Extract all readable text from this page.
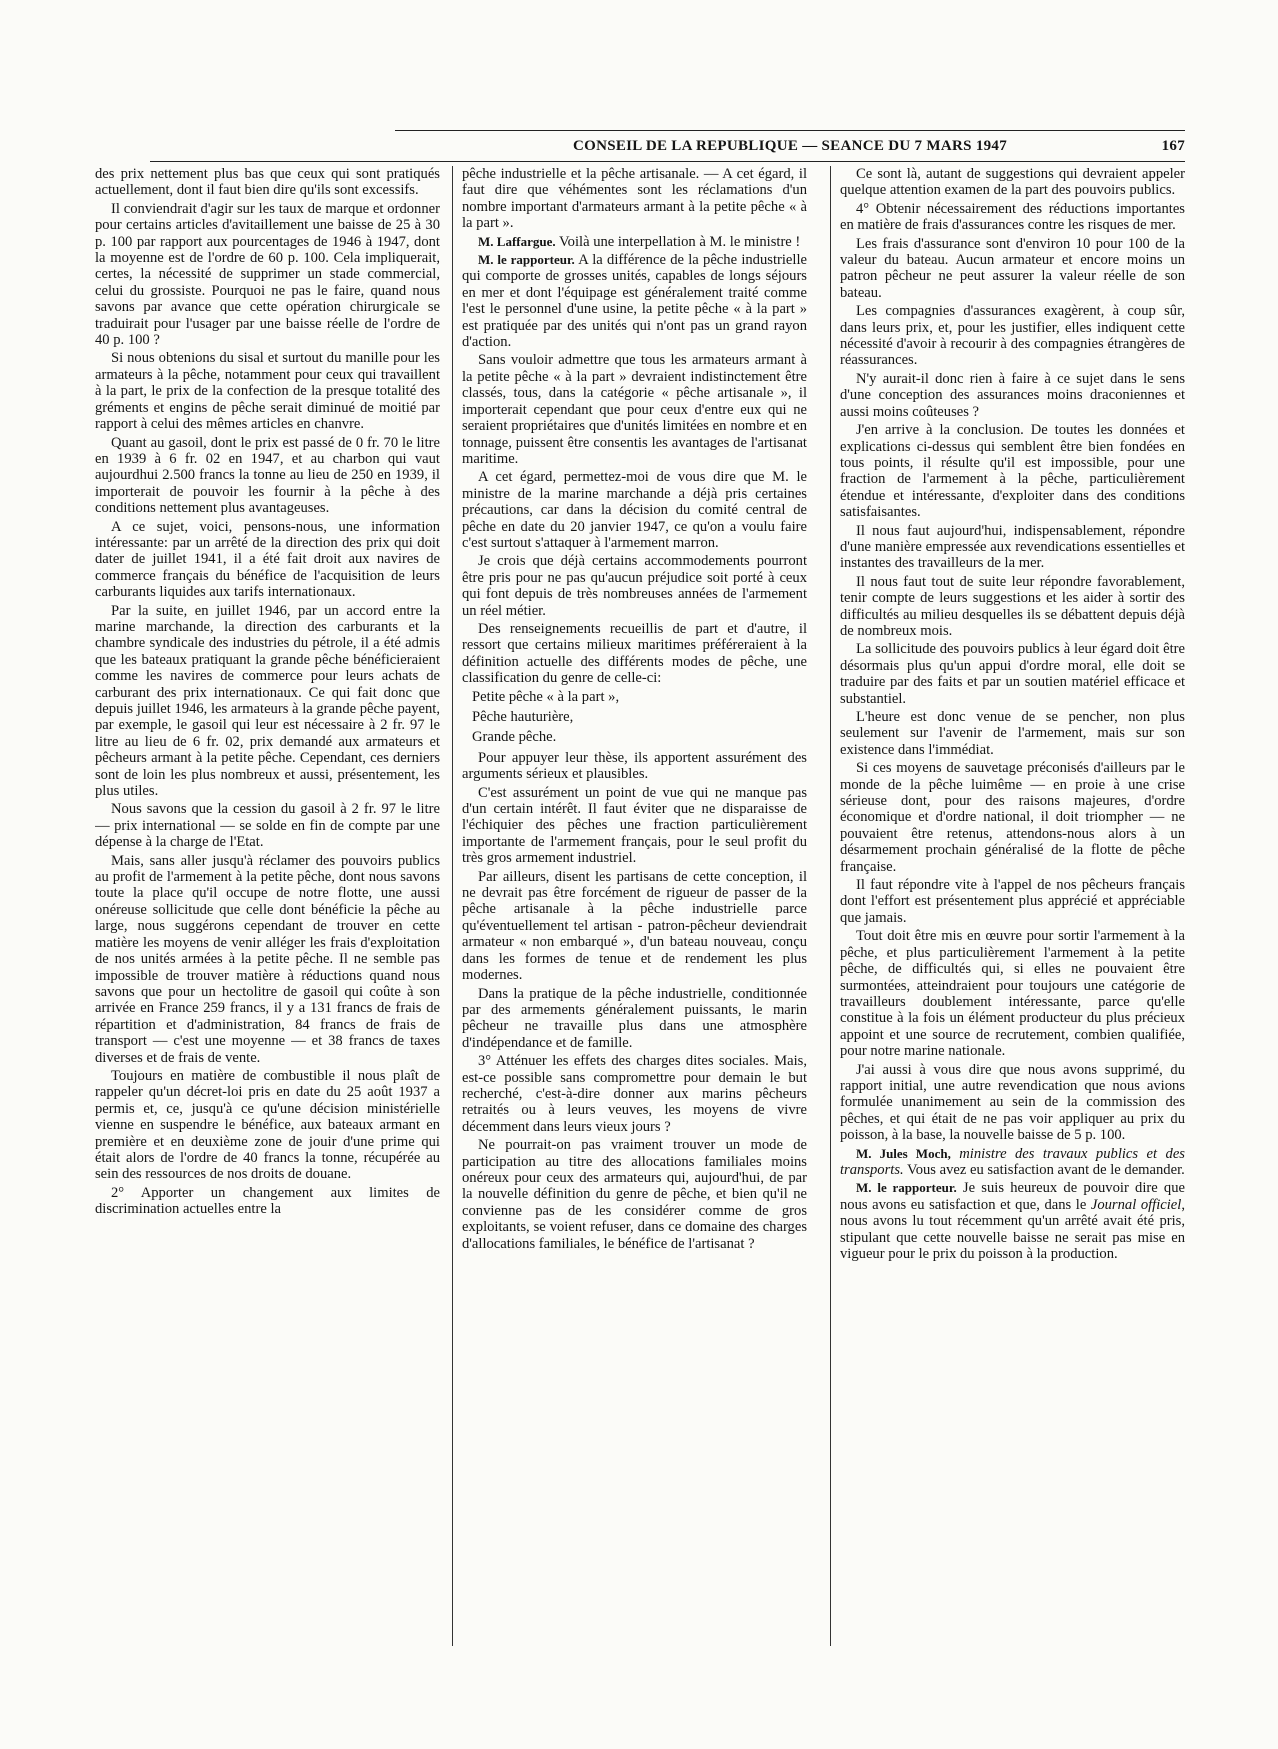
CONSEIL DE LA REPUBLIQUE — SEANCE DU 7 MARS 1947	167

des prix nettement plus bas que ceux qui sont pratiqués actuellement, dont il faut bien dire qu'ils sont excessifs.

Il conviendrait d'agir sur les taux de marque et ordonner pour certains articles d'avitaillement une baisse de 25 à 30 p. 100 par rapport aux pourcentages de 1946 à 1947, dont la moyenne est de l'ordre de 60 p. 100. Cela impliquerait, certes, la nécessité de supprimer un stade commercial, celui du grossiste. Pourquoi ne pas le faire, quand nous savons par avance que cette opération chirurgicale se traduirait pour l'usager par une baisse réelle de l'ordre de 40 p. 100 ?

Si nous obtenions du sisal et surtout du manille pour les armateurs à la pêche, notamment pour ceux qui travaillent à la part, le prix de la confection de la presque totalité des gréments et engins de pêche serait diminué de moitié par rapport à celui des mêmes articles en chanvre.

Quant au gasoil, dont le prix est passé de 0 fr. 70 le litre en 1939 à 6 fr. 02 en 1947, et au charbon qui vaut aujourdhui 2.500 francs la tonne au lieu de 250 en 1939, il importerait de pouvoir les fournir à la pêche à des conditions nettement plus avantageuses.

A ce sujet, voici, pensons-nous, une information intéressante: par un arrêté de la direction des prix qui doit dater de juillet 1941, il a été fait droit aux navires de commerce français du bénéfice de l'acquisition de leurs carburants liquides aux tarifs internationaux.

Par la suite, en juillet 1946, par un accord entre la marine marchande, la direction des carburants et la chambre syndicale des industries du pétrole, il a été admis que les bateaux pratiquant la grande pêche bénéficieraient comme les navires de commerce pour leurs achats de carburant des prix internationaux. Ce qui fait donc que depuis juillet 1946, les armateurs à la grande pêche payent, par exemple, le gasoil qui leur est nécessaire à 2 fr. 97 le litre au lieu de 6 fr. 02, prix demandé aux armateurs et pêcheurs armant à la petite pêche. Cependant, ces derniers sont de loin les plus nombreux et aussi, présentement, les plus utiles.

Nous savons que la cession du gasoil à 2 fr. 97 le litre — prix international — se solde en fin de compte par une dépense à la charge de l'Etat.

Mais, sans aller jusqu'à réclamer des pouvoirs publics au profit de l'armement à la petite pêche, dont nous savons toute la place qu'il occupe de notre flotte, une aussi onéreuse sollicitude que celle dont bénéficie la pêche au large, nous suggérons cependant de trouver en cette matière les moyens de venir alléger les frais d'exploitation de nos unités armées à la petite pêche. Il ne semble pas impossible de trouver matière à réductions quand nous savons que pour un hectolitre de gasoil qui coûte à son arrivée en France 259 francs, il y a 131 francs de frais de répartition et d'administration, 84 francs de frais de transport — c'est une moyenne — et 38 francs de taxes diverses et de frais de vente.

Toujours en matière de combustible il nous plaît de rappeler qu'un décret-loi pris en date du 25 août 1937 a permis et, ce, jusqu'à ce qu'une décision ministérielle vienne en suspendre le bénéfice, aux bateaux armant en première et en deuxième zone de jouir d'une prime qui était alors de l'ordre de 40 francs la tonne, récupérée au sein des ressources de nos droits de douane.

2° Apporter un changement aux limites de discrimination actuelles entre la

pêche industrielle et la pêche artisanale. — A cet égard, il faut dire que véhémentes sont les réclamations d'un nombre important d'armateurs armant à la petite pêche « à la part ».

M. Laffargue. Voilà une interpellation à M. le ministre !

M. le rapporteur. A la différence de la pêche industrielle qui comporte de grosses unités, capables de longs séjours en mer et dont l'équipage est généralement traité comme l'est le personnel d'une usine, la petite pêche « à la part » est pratiquée par des unités qui n'ont pas un grand rayon d'action.

Sans vouloir admettre que tous les armateurs armant à la petite pêche « à la part » devraient indistinctement être classés, tous, dans la catégorie « pêche artisanale », il importerait cependant que pour ceux d'entre eux qui ne seraient propriétaires que d'unités limitées en nombre et en tonnage, puissent être consentis les avantages de l'artisanat maritime.

A cet égard, permettez-moi de vous dire que M. le ministre de la marine marchande a déjà pris certaines précautions, car dans la décision du comité central de pêche en date du 20 janvier 1947, ce qu'on a voulu faire c'est surtout s'attaquer à l'armement marron.

Je crois que déjà certains accommodements pourront être pris pour ne pas qu'aucun préjudice soit porté à ceux qui font depuis de très nombreuses années de l'armement un réel métier.

Des renseignements recueillis de part et d'autre, il ressort que certains milieux maritimes préféreraient à la définition actuelle des différents modes de pêche, une classification du genre de celle-ci:

Petite pêche « à la part »,

Pêche hauturière,

Grande pêche.

Pour appuyer leur thèse, ils apportent assurément des arguments sérieux et plausibles.

C'est assurément un point de vue qui ne manque pas d'un certain intérêt. Il faut éviter que ne disparaisse de l'échiquier des pêches une fraction particulièrement importante de l'armement français, pour le seul profit du très gros armement industriel.

Par ailleurs, disent les partisans de cette conception, il ne devrait pas être forcément de rigueur de passer de la pêche artisanale à la pêche industrielle parce qu'éventuellement tel artisan - patron-pêcheur deviendrait armateur « non embarqué », d'un bateau nouveau, conçu dans les formes de tenue et de rendement les plus modernes.

Dans la pratique de la pêche industrielle, conditionnée par des armements généralement puissants, le marin pêcheur ne travaille plus dans une atmosphère d'indépendance et de famille.

3° Atténuer les effets des charges dites sociales. Mais, est-ce possible sans compromettre pour demain le but recherché, c'est-à-dire donner aux marins pêcheurs retraités ou à leurs veuves, les moyens de vivre décemment dans leurs vieux jours ?

Ne pourrait-on pas vraiment trouver un mode de participation au titre des allocations familiales moins onéreux pour ceux des armateurs qui, aujourd'hui, de par la nouvelle définition du genre de pêche, et bien qu'il ne convienne pas de les considérer comme de gros exploitants, se voient refuser, dans ce domaine des charges d'allocations familiales, le bénéfice de l'artisanat ?

Ce sont là, autant de suggestions qui devraient appeler quelque attention examen de la part des pouvoirs publics.

4° Obtenir nécessairement des réductions importantes en matière de frais d'assurances contre les risques de mer.

Les frais d'assurance sont d'environ 10 pour 100 de la valeur du bateau. Aucun armateur et encore moins un patron pêcheur ne peut assurer la valeur réelle de son bateau.

Les compagnies d'assurances exagèrent, à coup sûr, dans leurs prix, et, pour les justifier, elles indiquent cette nécessité d'avoir à recourir à des compagnies étrangères de réassurances.

N'y aurait-il donc rien à faire à ce sujet dans le sens d'une conception des assurances moins draconiennes et aussi moins coûteuses ?

J'en arrive à la conclusion. De toutes les données et explications ci-dessus qui semblent être bien fondées en tous points, il résulte qu'il est impossible, pour une fraction de l'armement à la pêche, particulièrement étendue et intéressante, d'exploiter dans des conditions satisfaisantes.

Il nous faut aujourd'hui, indispensablement, répondre d'une manière empressée aux revendications essentielles et instantes des travailleurs de la mer.

Il nous faut tout de suite leur répondre favorablement, tenir compte de leurs suggestions et les aider à sortir des difficultés au milieu desquelles ils se débattent depuis déjà de nombreux mois.

La sollicitude des pouvoirs publics à leur égard doit être désormais plus qu'un appui d'ordre moral, elle doit se traduire par des faits et par un soutien matériel efficace et substantiel.

L'heure est donc venue de se pencher, non plus seulement sur l'avenir de l'armement, mais sur son existence dans l'immédiat.

Si ces moyens de sauvetage préconisés d'ailleurs par le monde de la pêche luimême — en proie à une crise sérieuse dont, pour des raisons majeures, d'ordre économique et d'ordre national, il doit triompher — ne pouvaient être retenus, attendons-nous alors à un désarmement prochain généralisé de la flotte de pêche française.

Il faut répondre vite à l'appel de nos pêcheurs français dont l'effort est présentement plus apprécié et appréciable que jamais.

Tout doit être mis en œuvre pour sortir l'armement à la pêche, et plus particulièrement l'armement à la petite pêche, de difficultés qui, si elles ne pouvaient être surmontées, atteindraient pour toujours une catégorie de travailleurs doublement intéressante, parce qu'elle constitue à la fois un élément producteur du plus précieux appoint et une source de recrutement, combien qualifiée, pour notre marine nationale.

J'ai aussi à vous dire que nous avons supprimé, du rapport initial, une autre revendication que nous avions formulée unanimement au sein de la commission des pêches, et qui était de ne pas voir appliquer au prix du poisson, à la base, la nouvelle baisse de 5 p. 100.

M. Jules Moch, ministre des travaux publics et des transports. Vous avez eu satisfaction avant de le demander.

M. le rapporteur. Je suis heureux de pouvoir dire que nous avons eu satisfaction et que, dans le Journal officiel, nous avons lu tout récemment qu'un arrêté avait été pris, stipulant que cette nouvelle baisse ne serait pas mise en vigueur pour le prix du poisson à la production.
